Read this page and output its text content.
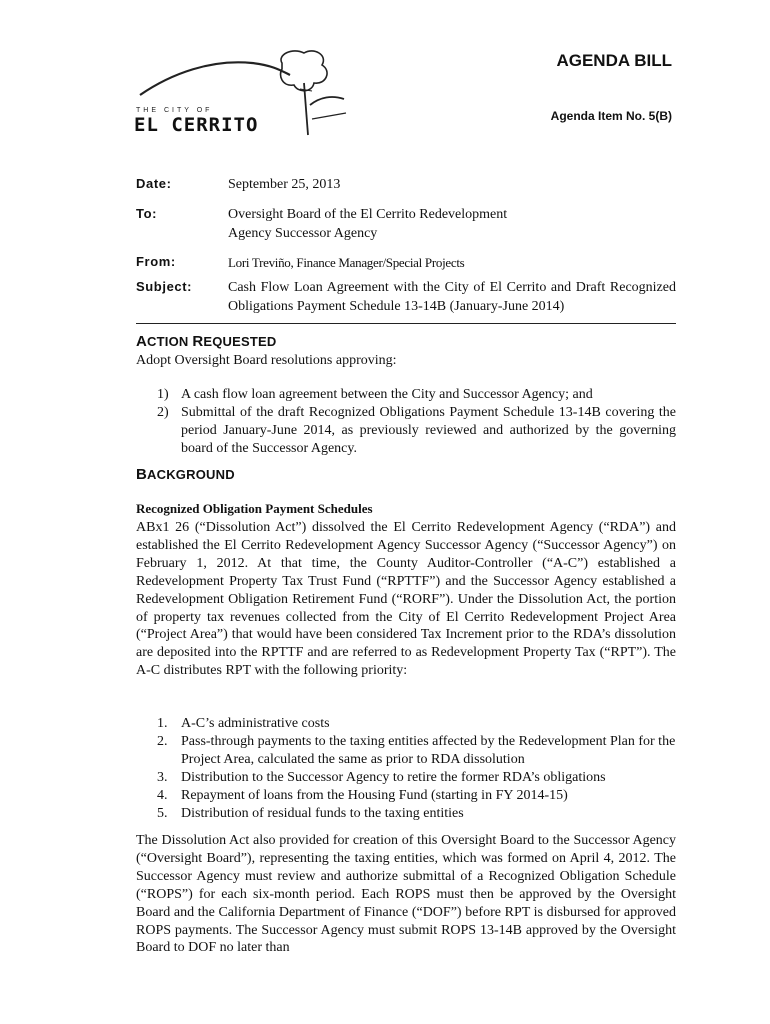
THE CITY OF
EL CERRITO
AGENDA BILL
Agenda Item No. 5(B)
Date:	September 25, 2013
To:	Oversight Board of the El Cerrito Redevelopment Agency Successor Agency
From:	Lori Treviño, Finance Manager/Special Projects
Subject:	Cash Flow Loan Agreement with the City of El Cerrito and Draft Recognized Obligations Payment Schedule 13-14B (January-June 2014)
ACTION REQUESTED
Adopt Oversight Board resolutions approving:
1) A cash flow loan agreement between the City and Successor Agency; and
2) Submittal of the draft Recognized Obligations Payment Schedule 13-14B covering the period January-June 2014, as previously reviewed and authorized by the governing board of the Successor Agency.
BACKGROUND
Recognized Obligation Payment Schedules
ABx1 26 (“Dissolution Act”) dissolved the El Cerrito Redevelopment Agency (“RDA”) and established the El Cerrito Redevelopment Agency Successor Agency (“Successor Agency”) on February 1, 2012. At that time, the County Auditor-Controller (“A-C”) established a Redevelopment Property Tax Trust Fund (“RPTTF”) and the Successor Agency established a Redevelopment Obligation Retirement Fund (“RORF”). Under the Dissolution Act, the portion of property tax revenues collected from the City of El Cerrito Redevelopment Project Area (“Project Area”) that would have been considered Tax Increment prior to the RDA’s dissolution are deposited into the RPTTF and are referred to as Redevelopment Property Tax (“RPT”). The A-C distributes RPT with the following priority:
1. A-C’s administrative costs
2. Pass-through payments to the taxing entities affected by the Redevelopment Plan for the Project Area, calculated the same as prior to RDA dissolution
3. Distribution to the Successor Agency to retire the former RDA’s obligations
4. Repayment of loans from the Housing Fund (starting in FY 2014-15)
5. Distribution of residual funds to the taxing entities
The Dissolution Act also provided for creation of this Oversight Board to the Successor Agency (“Oversight Board”), representing the taxing entities, which was formed on April 4, 2012. The Successor Agency must review and authorize submittal of a Recognized Obligation Schedule (“ROPS”) for each six-month period. Each ROPS must then be approved by the Oversight Board and the California Department of Finance (“DOF”) before RPT is disbursed for approved ROPS payments. The Successor Agency must submit ROPS 13-14B approved by the Oversight Board to DOF no later than
